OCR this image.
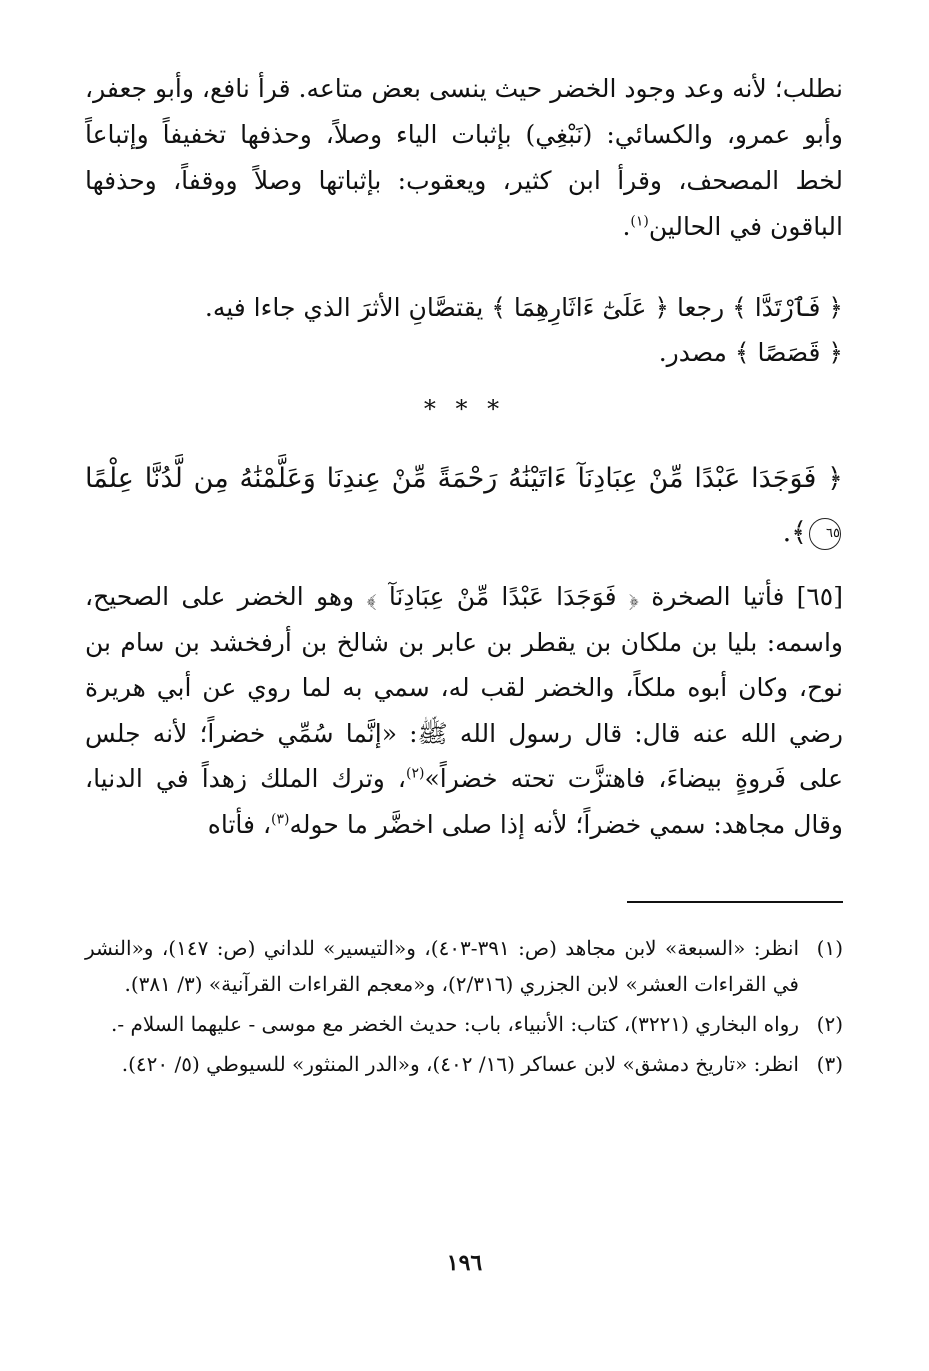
نطلب؛ لأنه وعد وجود الخضر حيث ينسى بعض متاعه. قرأ نافع، وأبو جعفر، وأبو عمرو، والكسائي: (نَبْغِي) بإثبات الياء وصلاً، وحذفها تخفيفاً وإتباعاً لخط المصحف، وقرأ ابن كثير، ويعقوب: بإثباتها وصلاً ووقفاً، وحذفها الباقون في الحالين$^{(١)}$.

﴿ فَٱرْتَدَّا ﴾ رجعا ﴿ عَلَىٰٓ ءَاثَارِهِمَا ﴾ يقتصَّانِ الأثرَ الذي جاءا فيه.

﴿ قَصَصًا ﴾ مصدر.

* * *

﴿ فَوَجَدَا عَبْدًا مِّنْ عِبَادِنَآ ءَاتَيْنَٰهُ رَحْمَةً مِّنْ عِندِنَا وَعَلَّمْنَٰهُ مِن لَّدُنَّا عِلْمًا ٦٥﴾.

[٦٥] فأتيا الصخرة ﴿ فَوَجَدَا عَبْدًا مِّنْ عِبَادِنَآ ﴾ وهو الخضر على الصحيح، واسمه: بليا بن ملكان بن يقطر بن عابر بن شالخ بن أرفخشد بن سام بن نوح، وكان أبوه ملكاً، والخضر لقب له، سمي به لما روي عن أبي هريرة رضي الله عنه قال: قال رسول الله ﷺ: «إنَّما سُمِّي خضراً؛ لأنه جلس على فَروةٍ بيضاءَ، فاهتزَّت تحته خضراً»$^{(٢)}$، وترك الملك زهداً في الدنيا، وقال مجاهد: سمي خضراً؛ لأنه إذا صلى اخضَّر ما حوله$^{(٣)}$، فأتاه

(١)
انظر: «السبعة» لابن مجاهد (ص: ٣٩١-٤٠٣)، و«التيسير» للداني (ص: ١٤٧)، و«النشر في القراءات العشر» لابن الجزري (٢/٣١٦)، و«معجم القراءات القرآنية» (٣/ ٣٨١).
(٢)
رواه البخاري (٣٢٢١)، كتاب: الأنبياء، باب: حديث الخضر مع موسى - عليهما السلام -.
(٣)
انظر: «تاريخ دمشق» لابن عساكر (١٦/ ٤٠٢)، و«الدر المنثور» للسيوطي (٥/ ٤٢٠).
١٩٦
